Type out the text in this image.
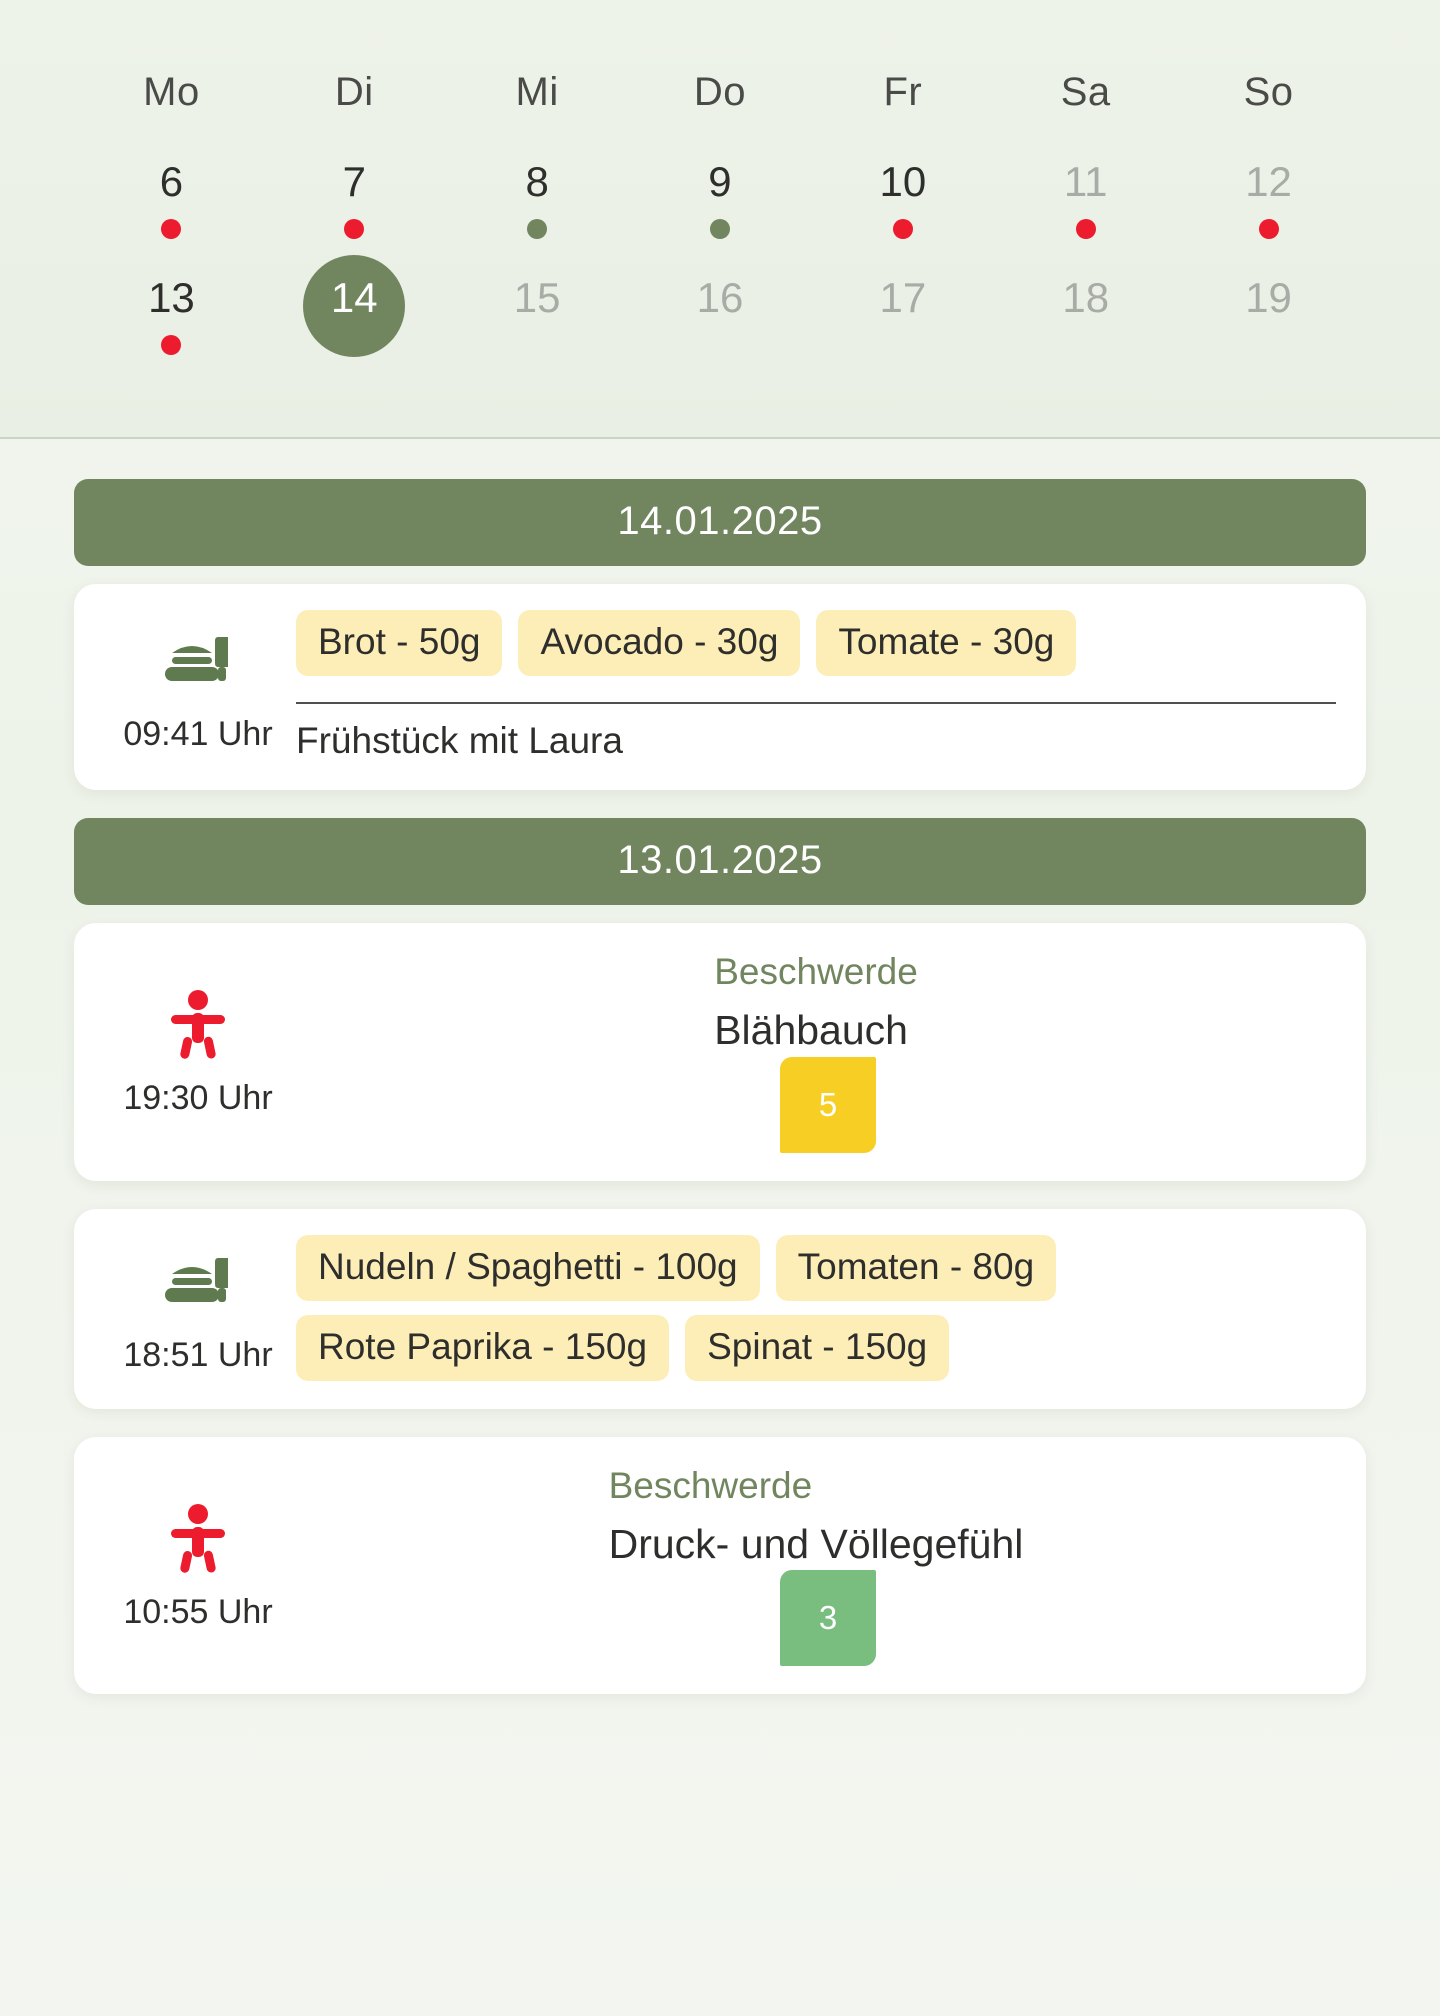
Mo	Di	Mi	Do	Fr	Sa	So
6	7	8	9	10	11	12
13	14	15	16	17	18	19
14.01.2025
09:41 Uhr
Brot - 50g	Avocado - 30g	Tomate - 30g
Frühstück mit Laura
13.01.2025
19:30 Uhr
Beschwerde
Blähbauch
5
18:51 Uhr
Nudeln / Spaghetti - 100g	Tomaten - 80g
Rote Paprika - 150g	Spinat - 150g
10:55 Uhr
Beschwerde
Druck- und Völlegefühl
3
